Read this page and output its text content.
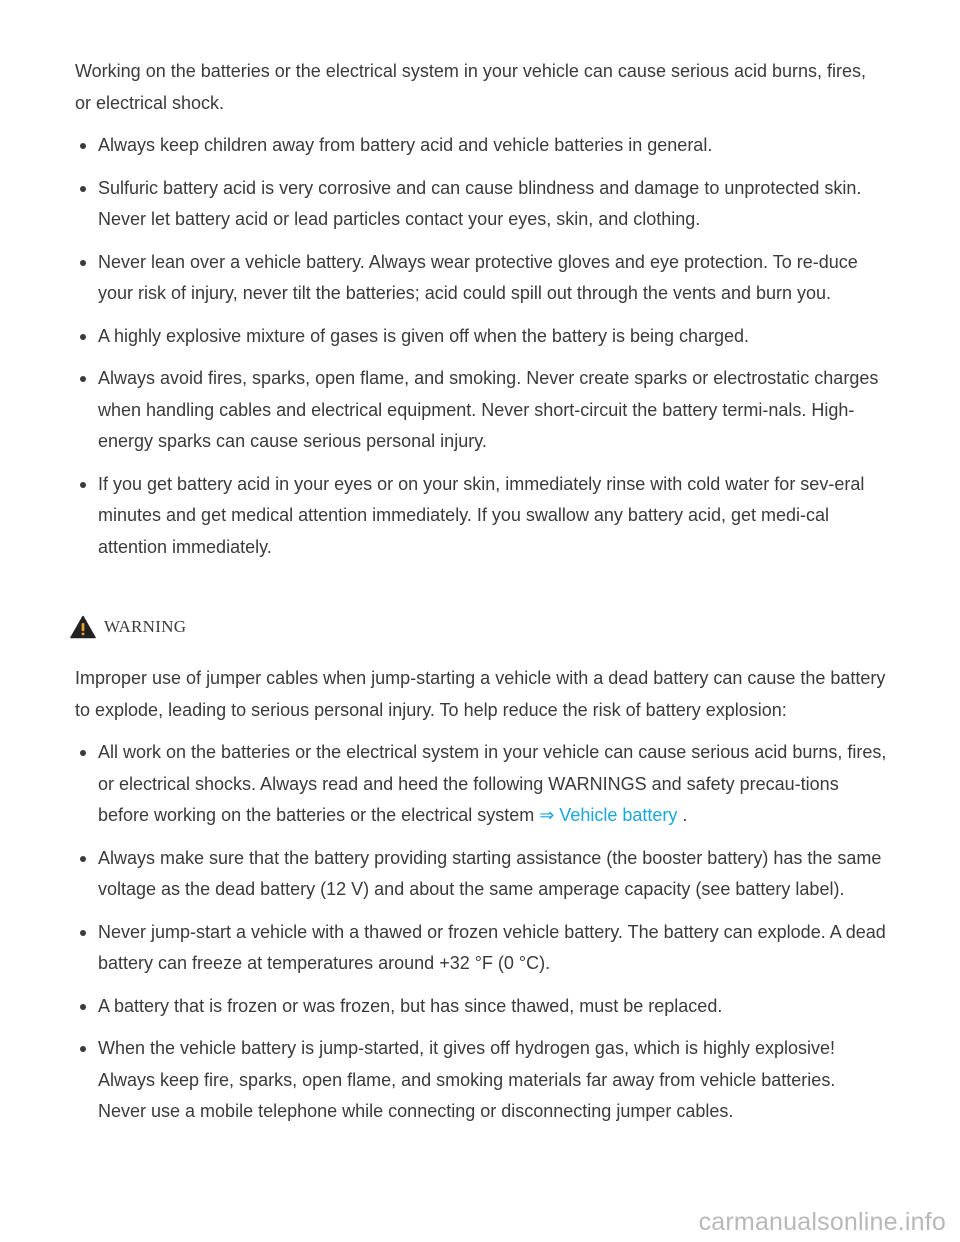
Working on the batteries or the electrical system in your vehicle can cause serious acid burns, fires, or electrical shock.

Always keep children away from battery acid and vehicle batteries in general.
Sulfuric battery acid is very corrosive and can cause blindness and damage to unprotected skin. Never let battery acid or lead particles contact your eyes, skin, and clothing.
Never lean over a vehicle battery. Always wear protective gloves and eye protection. To re-duce your risk of injury, never tilt the batteries; acid could spill out through the vents and burn you.
A highly explosive mixture of gases is given off when the battery is being charged.
Always avoid fires, sparks, open flame, and smoking. Never create sparks or electrostatic charges when handling cables and electrical equipment. Never short-circuit the battery termi-nals. High-energy sparks can cause serious personal injury.
If you get battery acid in your eyes or on your skin, immediately rinse with cold water for sev-eral minutes and get medical attention immediately. If you swallow any battery acid, get medi-cal attention immediately.
WARNING

Improper use of jumper cables when jump-starting a vehicle with a dead battery can cause the battery to explode, leading to serious personal injury. To help reduce the risk of battery explosion:

All work on the batteries or the electrical system in your vehicle can cause serious acid burns, fires, or electrical shocks. Always read and heed the following WARNINGS and safety precau-tions before working on the batteries or the electrical system ⇒ Vehicle battery .
Always make sure that the battery providing starting assistance (the booster battery) has the same voltage as the dead battery (12 V) and about the same amperage capacity (see battery label).
Never jump-start a vehicle with a thawed or frozen vehicle battery. The battery can explode. A dead battery can freeze at temperatures around +32 °F (0 °C).
A battery that is frozen or was frozen, but has since thawed, must be replaced.
When the vehicle battery is jump-started, it gives off hydrogen gas, which is highly explosive! Always keep fire, sparks, open flame, and smoking materials far away from vehicle batteries. Never use a mobile telephone while connecting or disconnecting jumper cables.
carmanualsonline.info
